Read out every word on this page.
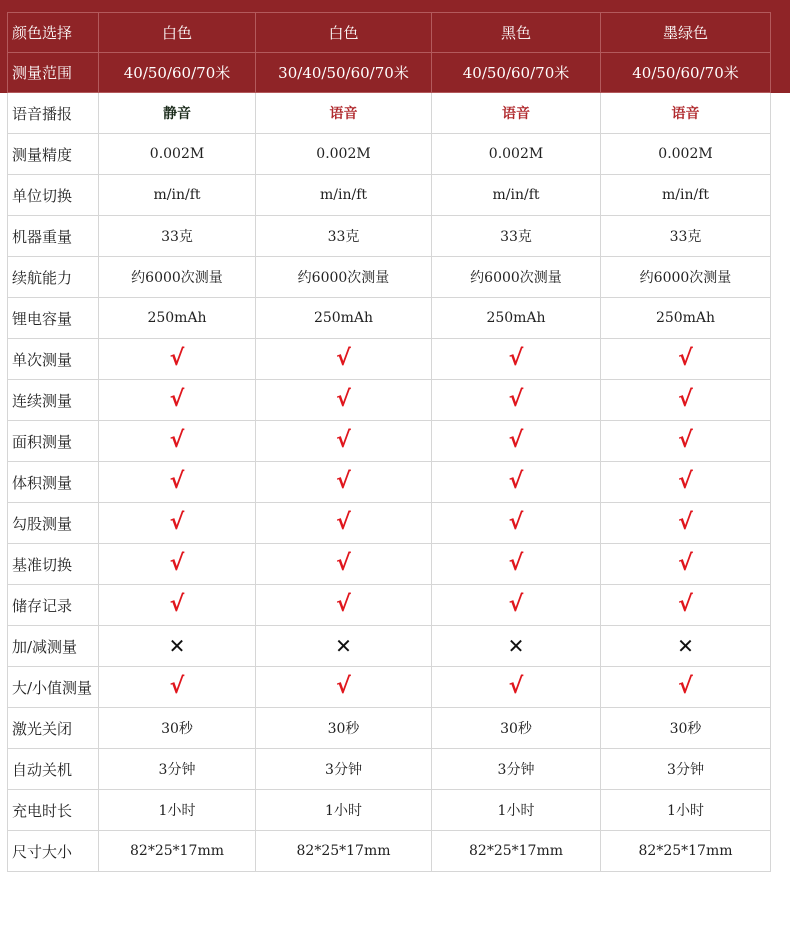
颜色选择	白色	白色	黑色	墨绿色
测量范围	40/50/60/70米	30/40/50/60/70米	40/50/60/70米	40/50/60/70米
语音播报	静音	语音	语音	语音
测量精度	0.002M	0.002M	0.002M	0.002M
单位切换	m/in/ft	m/in/ft	m/in/ft	m/in/ft
机器重量	33克	33克	33克	33克
续航能力	约6000次测量	约6000次测量	约6000次测量	约6000次测量
锂电容量	250mAh	250mAh	250mAh	250mAh
单次测量	√	√	√	√
连续测量	√	√	√	√
面积测量	√	√	√	√
体积测量	√	√	√	√
勾股测量	√	√	√	√
基准切换	√	√	√	√
储存记录	√	√	√	√
加/减测量	✕	✕	✕	✕
大/小值测量	√	√	√	√
激光关闭	30秒	30秒	30秒	30秒
自动关机	3分钟	3分钟	3分钟	3分钟
充电时长	1小时	1小时	1小时	1小时
尺寸大小	82*25*17mm	82*25*17mm	82*25*17mm	82*25*17mm
